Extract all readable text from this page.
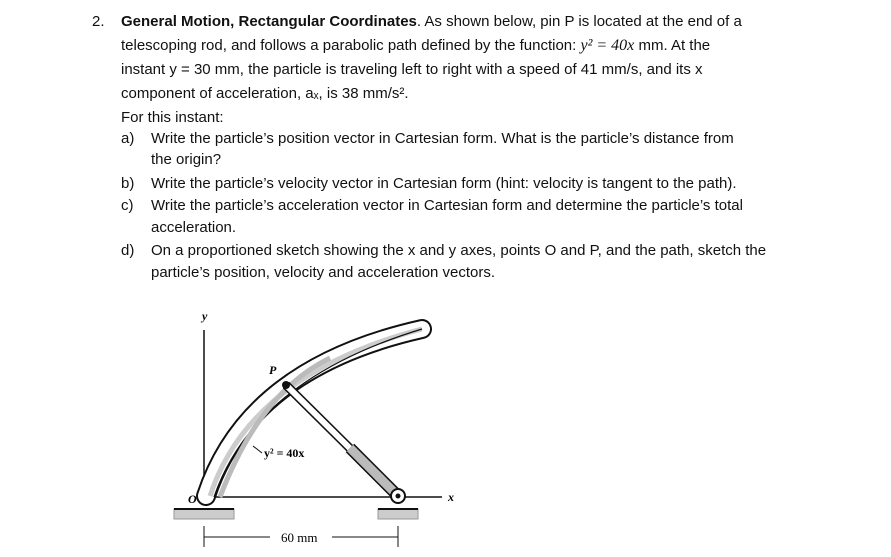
2. General Motion, Rectangular Coordinates. As shown below, pin P is located at the end of a
telescoping rod, and follows a parabolic path defined by the function: y² = 40x mm. At the
instant y = 30 mm, the particle is traveling left to right with a speed of 41 mm/s, and its x
component of acceleration, aₓ, is 38 mm/s².
For this instant:
a) Write the particle’s position vector in Cartesian form. What is the particle’s distance from
the origin?
b) Write the particle’s velocity vector in Cartesian form (hint: velocity is tangent to the path).
c) Write the particle’s acceleration vector in Cartesian form and determine the particle’s total
acceleration.
d) On a proportioned sketch showing the x and y axes, points O and P, and the path, sketch the
particle’s position, velocity and acceleration vectors.
y
x
O
P
y² = 40x
60 mm
